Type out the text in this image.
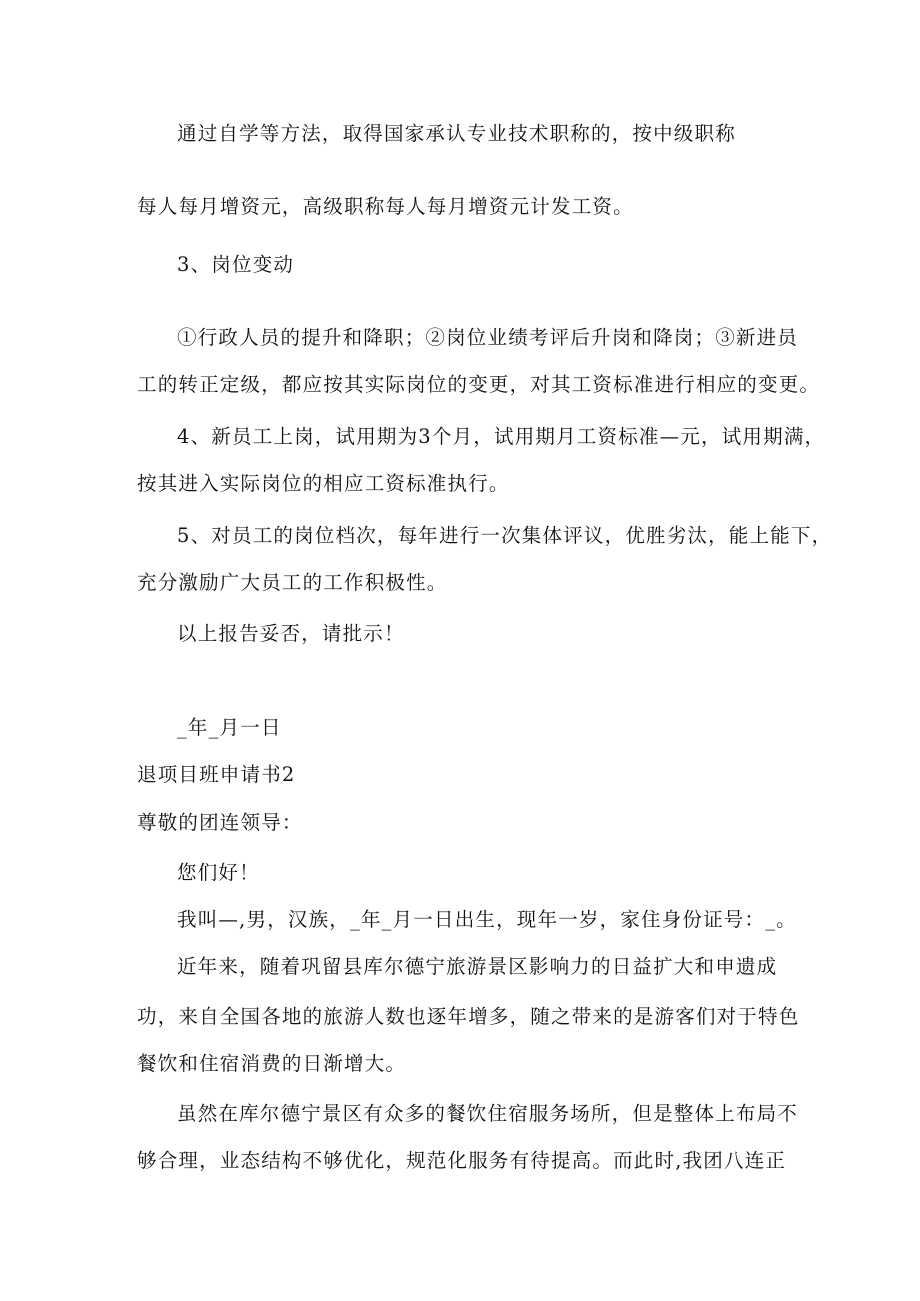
通过自学等方法，取得国家承认专业技术职称的，按中级职称
每人每月增资元，高级职称每人每月增资元计发工资。
3、岗位变动
①行政人员的提升和降职；②岗位业绩考评后升岗和降岗；③新进员
工的转正定级，都应按其实际岗位的变更，对其工资标准进行相应的变更。
4、新员工上岗，试用期为3个月，试用期月工资标准—元，试用期满，
按其进入实际岗位的相应工资标准执行。
5、对员工的岗位档次，每年进行一次集体评议，优胜劣汰，能上能下，
充分激励广大员工的工作积极性。
以上报告妥否，请批示！
_年_月一日
退项目班申请书2
尊敬的团连领导：
您们好！
我叫—,男，汉族，_年_月一日出生，现年一岁，家住身份证号：_。
近年来，随着巩留县库尔德宁旅游景区影响力的日益扩大和申遗成
功，来自全国各地的旅游人数也逐年增多，随之带来的是游客们对于特色
餐饮和住宿消费的日渐增大。
虽然在库尔德宁景区有众多的餐饮住宿服务场所，但是整体上布局不
够合理，业态结构不够优化，规范化服务有待提高。而此时,我团八连正
